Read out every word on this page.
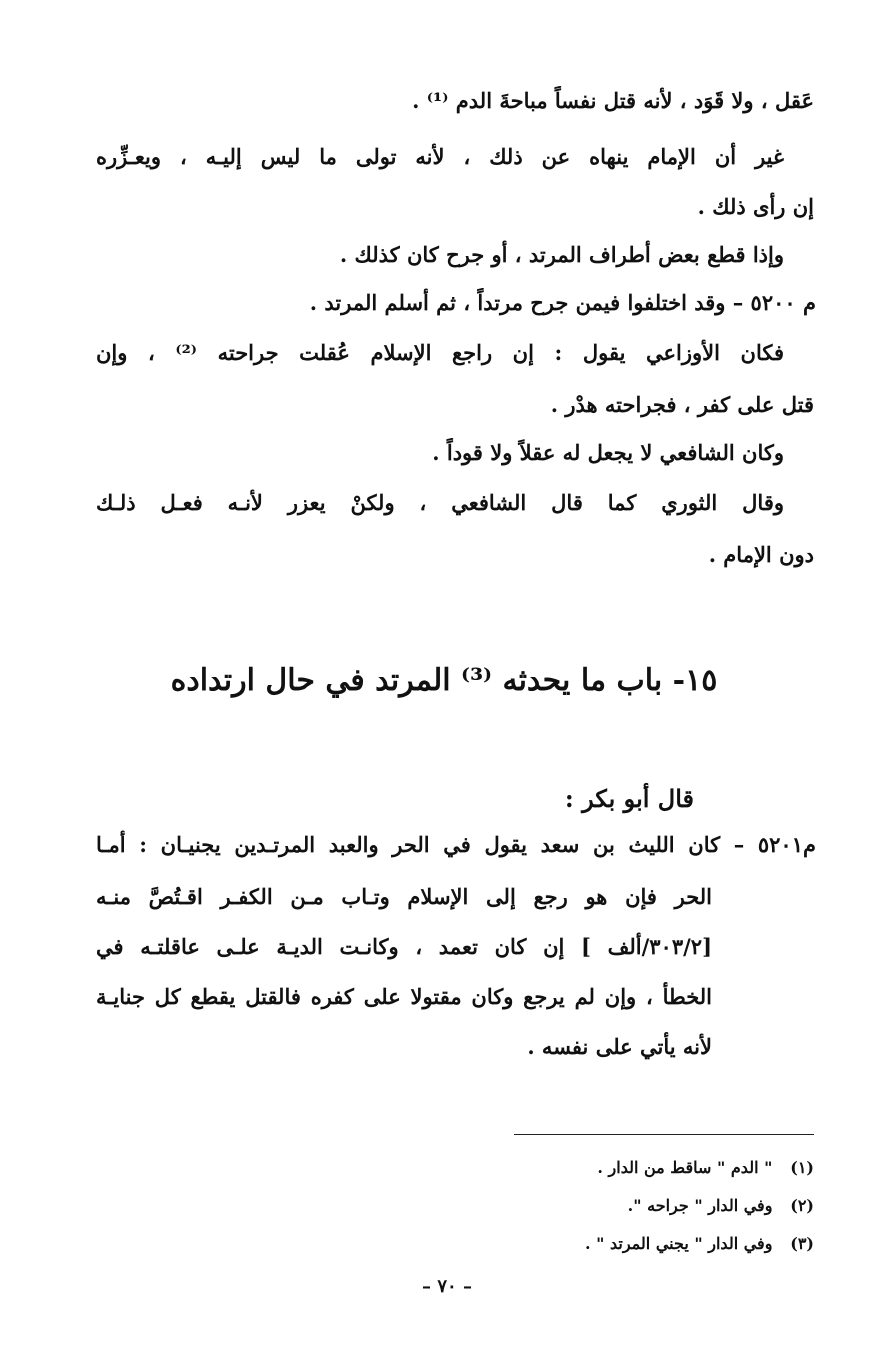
عَقل ، ولا قَوَد ، لأنه قتل نفساً مباحةَ الدم ⁽¹⁾ .
غير أن الإمام ينهاه عن ذلك ، لأنه تولى ما ليس إليـه ، ويعـزِّره
إن رأى ذلك .
وإذا قطع بعض أطراف المرتد ، أو جرح كان كذلك .
م ٥٢٠٠ – وقد اختلفوا فيمن جرح مرتداً ، ثم أسلم المرتد .
فكان الأوزاعي يقول : إن راجع الإسلام عُقلت جراحته ⁽²⁾ ، وإن
قتل على كفر ، فجراحته هدْر .
وكان الشافعي لا يجعل له عقلاً ولا قوداً .
وقال الثوري كما قال الشافعي ، ولكنْ يعزر لأنـه فعـل ذلـك
دون الإمام .
١٥- باب ما يحدثه ⁽³⁾ المرتد في حال ارتداده
قال أبو بكر :
م٥٢٠١ – كان الليث بن سعد يقول في الحر والعبد المرتـدين يجنيـان : أمـا
الحر فإن هو رجع إلى الإسلام وتـاب مـن الكفـر اقـتُصَّ منـه
[٣٠٣/٢/ألف ] إن كان تعمد ، وكانـت الديـة علـى عاقلتـه في
الخطأ ، وإن لم يرجع وكان مقتولا على كفره فالقتل يقطع كل جنايـة
لأنه يأتي على نفسه .
(١) " الدم " ساقط من الدار .
(٢) وفي الدار " جراحه ".
(٣) وفي الدار " يجني المرتد " .
– ٧٠ –
